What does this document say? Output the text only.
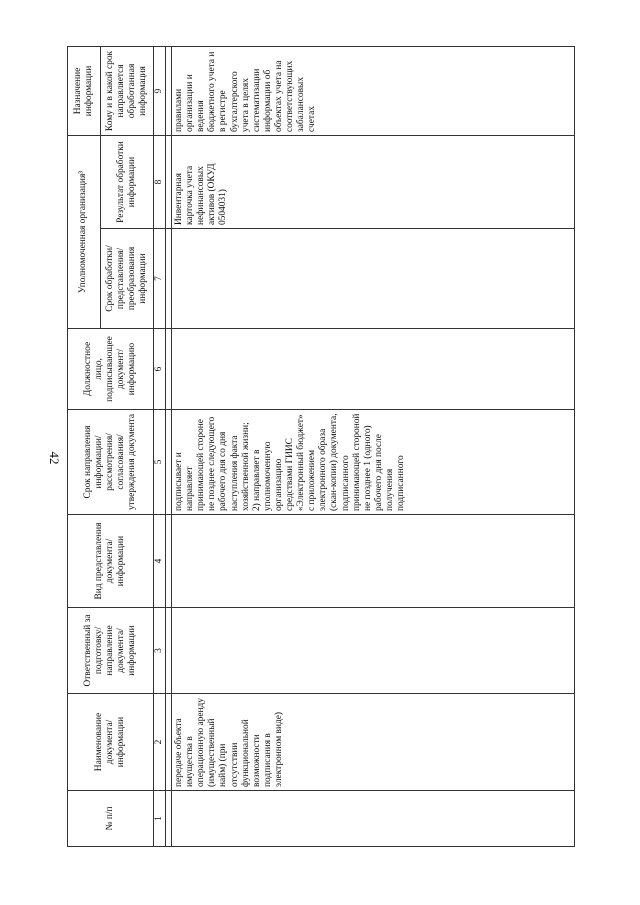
42
№ п/п	Наименование документа/ информации	Ответственный за подготовку/ направление документа/ информации	Вид представления документа/ информации	Срок направления информации/ рассмотрения/ согласования/ утверждения документа	Должностное лицо, подписывающее документ/ информацию	Уполномоченная организация³		Назначение информации
						Срок обработки/ представления/ преобразования информации	Результат обработки информации	Кому и в какой срок направляется обработанная информация
1	2	3	4	5	6	7	8	9

	передаче объекта имущества в операционную аренду (имущественный найм) (при отсутствии функциональной возможности подписания в электронном виде)			подписывает и направляет принимающей стороне не позднее следующего рабочего дня со дня наступления факта хозяйственной жизни; 2) направляет в уполномоченную организацию средствами ГИИС «Электронный бюджет» с приложением электронного образа (скан-копии) документа, подписанного принимающей стороной не позднее 1 (одного) рабочего дня после получения подписанного			Инвентарная карточка учета нефинансовых активов (ОКУД 0504031)	правилами организации и ведения бюджетного учета и в регистре бухгалтерского учета в целях систематизации информации об объектах учета на соответствующих забалансовых счетах
